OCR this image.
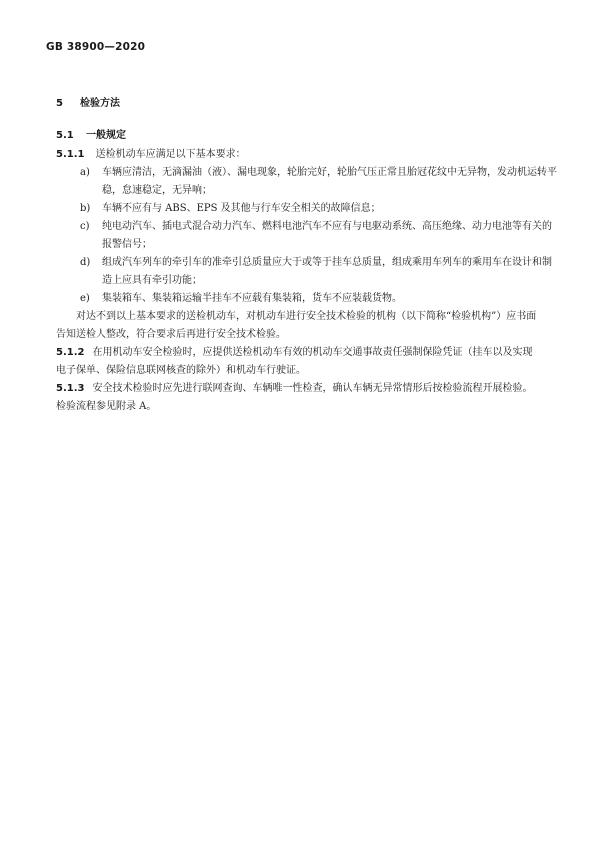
GB 38900—2020
5 检验方法
5.1 一般规定
5.1.1 送检机动车应满足以下基本要求：
a) 车辆应清洁，无滴漏油（液）、漏电现象，轮胎完好，轮胎气压正常且胎冠花纹中无异物，发动机运转平稳，怠速稳定，无异响；
b) 车辆不应有与 ABS、EPS 及其他与行车安全相关的故障信息；
c) 纯电动汽车、插电式混合动力汽车、燃料电池汽车不应有与电驱动系统、高压绝缘、动力电池等有关的报警信号；
d) 组成汽车列车的牵引车的准牵引总质量应大于或等于挂车总质量，组成乘用车列车的乘用车在设计和制造上应具有牵引功能；
e) 集装箱车、集装箱运输半挂车不应载有集装箱，货车不应装载货物。
对达不到以上基本要求的送检机动车，对机动车进行安全技术检验的机构（以下简称“检验机构”）应书面告知送检人整改，符合要求后再进行安全技术检验。
5.1.2 在用机动车安全检验时，应提供送检机动车有效的机动车交通事故责任强制保险凭证（挂车以及实现电子保单、保险信息联网核查的除外）和机动车行驶证。
5.1.3 安全技术检验时应先进行联网查询、车辆唯一性检查，确认车辆无异常情形后按检验流程开展检验。检验流程参见附录 A。
